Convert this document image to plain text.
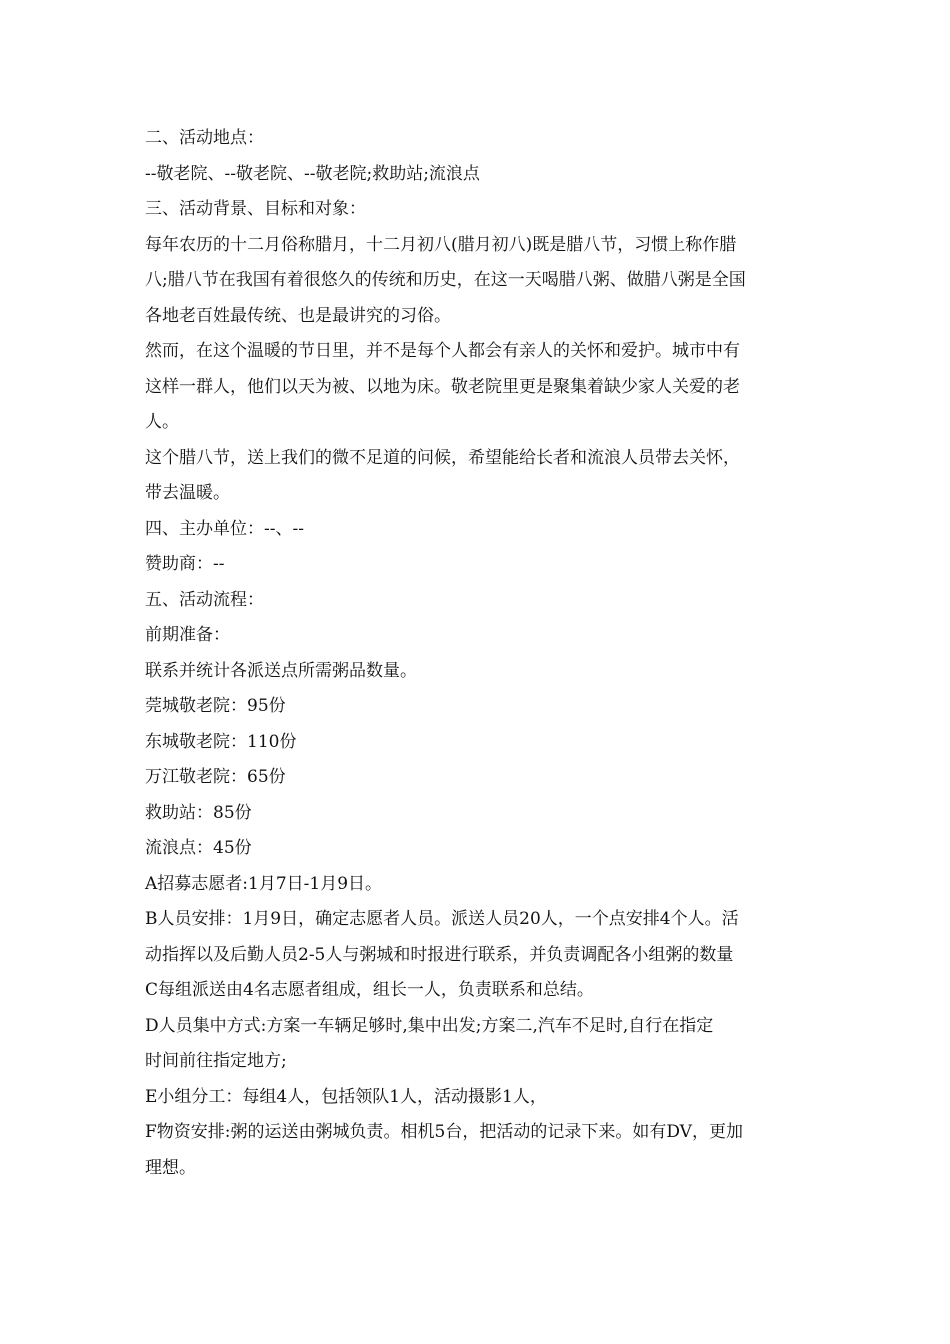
二、活动地点：

--敬老院、--敬老院、--敬老院;救助站;流浪点

三、活动背景、目标和对象：

每年农历的十二月俗称腊月，十二月初八(腊月初八)既是腊八节，习惯上称作腊

八;腊八节在我国有着很悠久的传统和历史，在这一天喝腊八粥、做腊八粥是全国

各地老百姓最传统、也是最讲究的习俗。

然而，在这个温暖的节日里，并不是每个人都会有亲人的关怀和爱护。城市中有

这样一群人，他们以天为被、以地为床。敬老院里更是聚集着缺少家人关爱的老

人。

这个腊八节，送上我们的微不足道的问候，希望能给长者和流浪人员带去关怀，

带去温暖。

四、主办单位：--、--

赞助商：--

五、活动流程：

前期准备：

联系并统计各派送点所需粥品数量。

莞城敬老院：95份

东城敬老院：110份

万江敬老院：65份

救助站：85份

流浪点：45份

A招募志愿者:1月7日-1月9日。

B人员安排：1月9日，确定志愿者人员。派送人员20人，一个点安排4个人。活

动指挥以及后勤人员2-5人与粥城和时报进行联系，并负责调配各小组粥的数量

C每组派送由4名志愿者组成，组长一人，负责联系和总结。

D人员集中方式:方案一车辆足够时,集中出发;方案二,汽车不足时,自行在指定

时间前往指定地方;

E小组分工：每组4人，包括领队1人，活动摄影1人，

F物资安排:粥的运送由粥城负责。相机5台，把活动的记录下来。如有DV，更加

理想。
